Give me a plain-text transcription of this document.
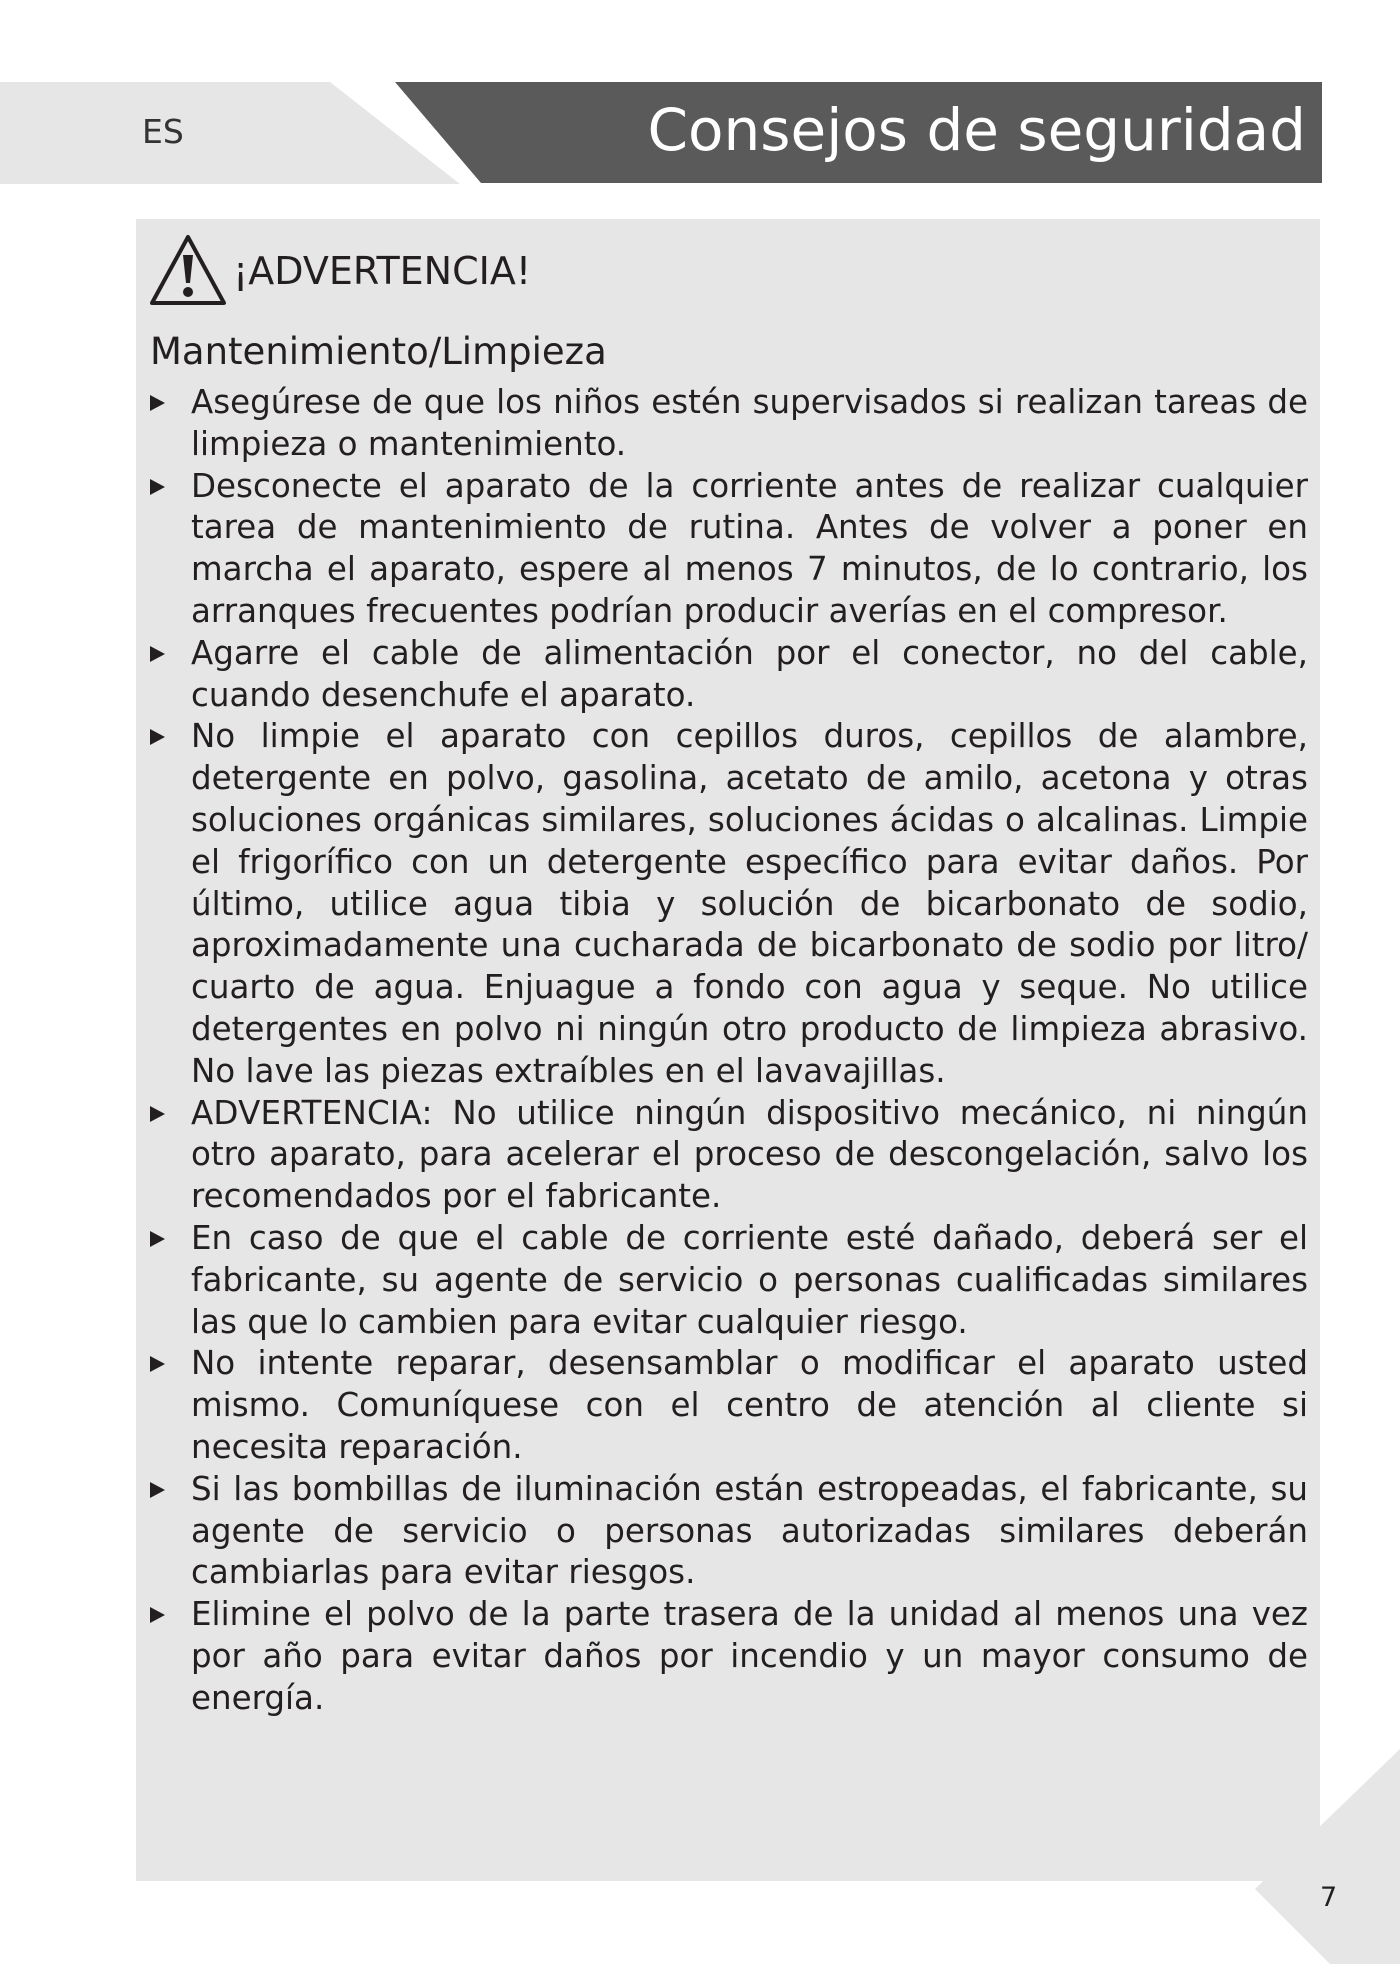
ES	Consejos de seguridad
¡ADVERTENCIA!
Mantenimiento/Limpieza
Asegúrese de que los niños estén supervisados si realizan tareas de limpieza o mantenimiento.
Desconecte el aparato de la corriente antes de realizar cualquier tarea de mantenimiento de rutina. Antes de volver a poner en marcha el aparato, espere al menos 7 minutos, de lo contrario, los arranques frecuentes podrían producir averías en el compresor.
Agarre el cable de alimentación por el conector, no del cable, cuando desenchufe el aparato.
No limpie el aparato con cepillos duros, cepillos de alambre, detergente en polvo, gasolina, acetato de amilo, acetona y otras soluciones orgánicas similares, soluciones ácidas o alcalinas. Limpie el frigorífico con un detergente específico para evitar daños. Por último, utilice agua tibia y solución de bicarbonato de sodio, aproximadamente una cucharada de bicarbonato de sodio por litro/ cuarto de agua. Enjuague a fondo con agua y seque. No utilice detergentes en polvo ni ningún otro producto de limpieza abrasivo. No lave las piezas extraíbles en el lavavajillas.
ADVERTENCIA: No utilice ningún dispositivo mecánico, ni ningún otro aparato, para acelerar el proceso de descongelación, salvo los recomendados por el fabricante.
En caso de que el cable de corriente esté dañado, deberá ser el fabricante, su agente de servicio o personas cualificadas similares las que lo cambien para evitar cualquier riesgo.
No intente reparar, desensamblar o modificar el aparato usted mismo. Comuníquese con el centro de atención al cliente si necesita reparación.
Si las bombillas de iluminación están estropeadas, el fabricante, su agente de servicio o personas autorizadas similares deberán cambiarlas para evitar riesgos.
Elimine el polvo de la parte trasera de la unidad al menos una vez por año para evitar daños por incendio y un mayor consumo de energía.
7
